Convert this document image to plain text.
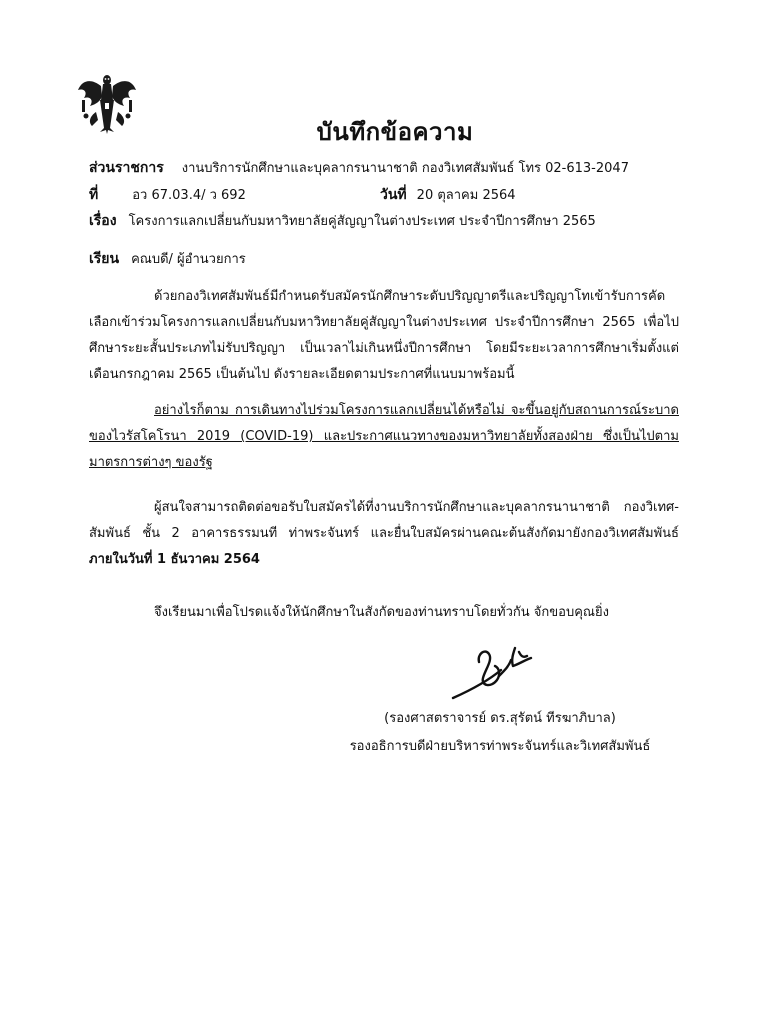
บันทึกข้อความ
ส่วนราชการ งานบริการนักศึกษาและบุคลากรนานาชาติ กองวิเทศสัมพันธ์ โทร 02-613-2047
ที่	อว 67.03.4/ ว 692	วันที่ 20 ตุลาคม 2564
เรื่อง โครงการแลกเปลี่ยนกับมหาวิทยาลัยคู่สัญญาในต่างประเทศ ประจำปีการศึกษา 2565
เรียน คณบดี/ ผู้อำนวยการ
ด้วยกองวิเทศสัมพันธ์มีกำหนดรับสมัครนักศึกษาระดับปริญญาตรีและปริญญาโทเข้ารับการคัดเลือกเข้าร่วมโครงการแลกเปลี่ยนกับมหาวิทยาลัยคู่สัญญาในต่างประเทศ ประจำปีการศึกษา 2565 เพื่อไปศึกษาระยะสั้นประเภทไม่รับปริญญา เป็นเวลาไม่เกินหนึ่งปีการศึกษา โดยมีระยะเวลาการศึกษาเริ่มตั้งแต่เดือนกรกฎาคม 2565 เป็นต้นไป ดังรายละเอียดตามประกาศที่แนบมาพร้อมนี้
อย่างไรก็ตาม การเดินทางไปร่วมโครงการแลกเปลี่ยนได้หรือไม่ จะขึ้นอยู่กับสถานการณ์ระบาดของไวรัสโคโรนา 2019 (COVID-19) และประกาศแนวทางของมหาวิทยาลัยทั้งสองฝ่าย ซึ่งเป็นไปตามมาตรการต่างๆ ของรัฐ
ผู้สนใจสามารถติดต่อขอรับใบสมัครได้ที่งานบริการนักศึกษาและบุคลากรนานาชาติ กองวิเทศ-สัมพันธ์ ชั้น 2 อาคารธรรมนที ท่าพระจันทร์ และยื่นใบสมัครผ่านคณะต้นสังกัดมายังกองวิเทศสัมพันธ์ ภายในวันที่ 1 ธันวาคม 2564
จึงเรียนมาเพื่อโปรดแจ้งให้นักศึกษาในสังกัดของท่านทราบโดยทั่วกัน จักขอบคุณยิ่ง
(รองศาสตราจารย์ ดร.สุรัตน์ ทีรฆาภิบาล)
รองอธิการบดีฝ่ายบริหารท่าพระจันทร์และวิเทศสัมพันธ์
